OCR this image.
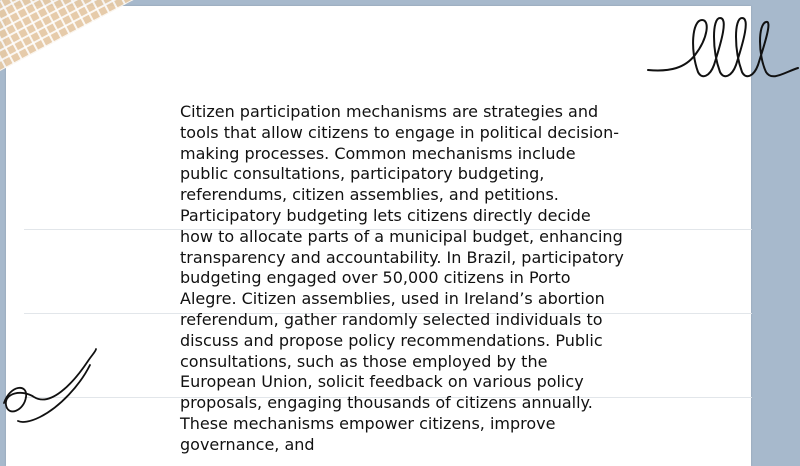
Citizen participation mechanisms are strategies and tools that allow citizens to engage in political decision-making processes. Common mechanisms include public consultations, participatory budgeting, referendums, citizen assemblies, and petitions. Participatory budgeting lets citizens directly decide how to allocate parts of a municipal budget, enhancing transparency and accountability. In Brazil, participatory budgeting engaged over 50,000 citizens in Porto Alegre. Citizen assemblies, used in Ireland’s abortion referendum, gather randomly selected individuals to discuss and propose policy recommendations. Public consultations, such as those employed by the European Union, solicit feedback on various policy proposals, engaging thousands of citizens annually. These mechanisms empower citizens, improve governance, and
